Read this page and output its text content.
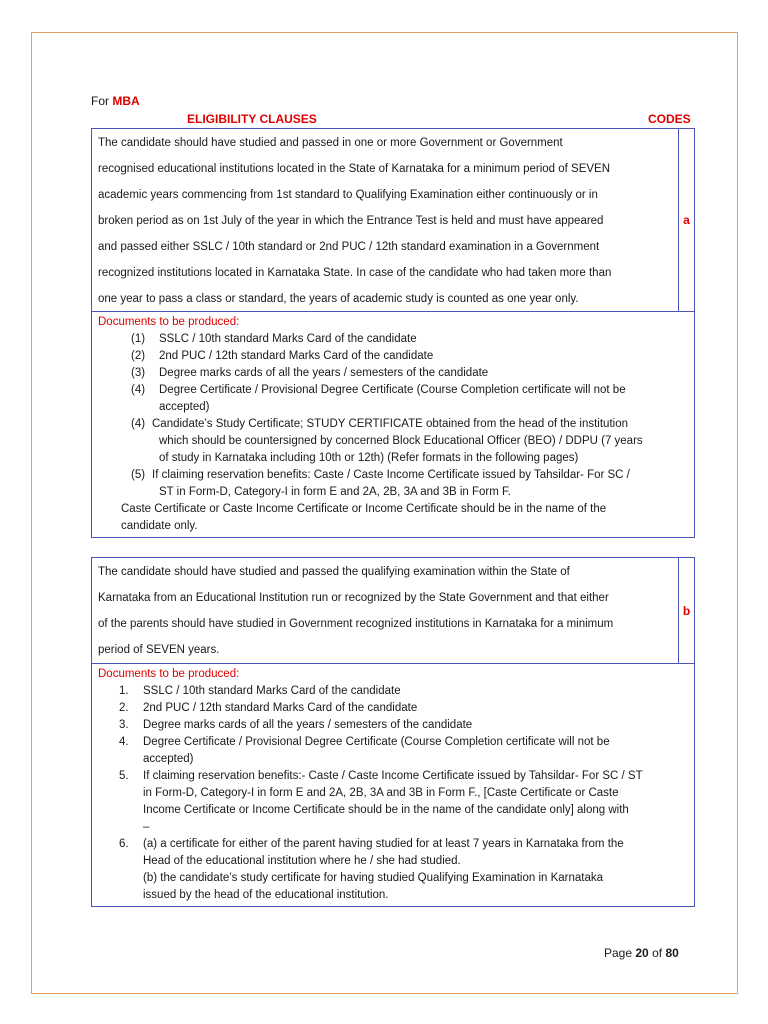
For MBA
ELIGIBILITY CLAUSES	CODES
The candidate should have studied and passed in one or more Government or Government
recognised educational institutions located in the State of Karnataka for a minimum period of SEVEN
academic years commencing from 1st standard to Qualifying Examination either continuously or in
broken period as on 1st July of the year in which the Entrance Test is held and must have appeared
and passed either SSLC / 10th standard or 2nd PUC / 12th standard examination in a Government
recognized institutions located in Karnataka State. In case of the candidate who had taken more than
one year to pass a class or standard, the years of academic study is counted as one year only.
a
Documents to be produced:
(1) SSLC / 10th standard Marks Card of the candidate
(2) 2nd PUC / 12th standard Marks Card of the candidate
(3) Degree marks cards of all the years / semesters of the candidate
(4) Degree Certificate / Provisional Degree Certificate (Course Completion certificate will not be
accepted)
(4) Candidate’s Study Certificate; STUDY CERTIFICATE obtained from the head of the institution
which should be countersigned by concerned Block Educational Officer (BEO) / DDPU (7 years
of study in Karnataka including 10th or 12th) (Refer formats in the following pages)
(5) If claiming reservation benefits: Caste / Caste Income Certificate issued by Tahsildar- For SC /
ST in Form-D, Category-I in form E and 2A, 2B, 3A and 3B in Form F.
Caste Certificate or Caste Income Certificate or Income Certificate should be in the name of the
candidate only.
The candidate should have studied and passed the qualifying examination within the State of
Karnataka from an Educational Institution run or recognized by the State Government and that either
of the parents should have studied in Government recognized institutions in Karnataka for a minimum
period of SEVEN years.
b
Documents to be produced:
1. SSLC / 10th standard Marks Card of the candidate
2. 2nd PUC / 12th standard Marks Card of the candidate
3. Degree marks cards of all the years / semesters of the candidate
4. Degree Certificate / Provisional Degree Certificate (Course Completion certificate will not be
accepted)
5. If claiming reservation benefits:- Caste / Caste Income Certificate issued by Tahsildar- For SC / ST
in Form-D, Category-I in form E and 2A, 2B, 3A and 3B in Form F., [Caste Certificate or Caste
Income Certificate or Income Certificate should be in the name of the candidate only] along with
–
6. (a) a certificate for either of the parent having studied for at least 7 years in Karnataka from the
Head of the educational institution where he / she had studied.
(b) the candidate’s study certificate for having studied Qualifying Examination in Karnataka
issued by the head of the educational institution.
Page 20 of 80
